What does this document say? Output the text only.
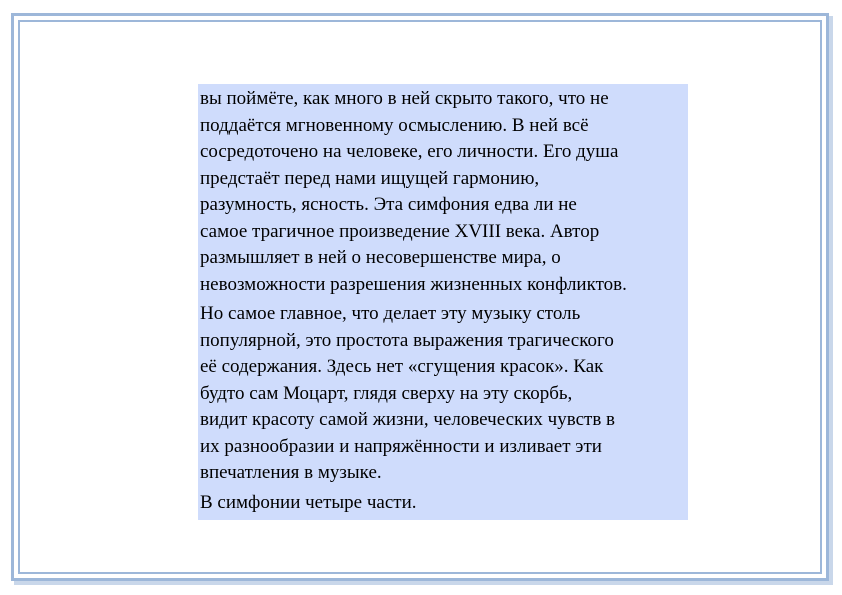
вы поймёте, как много в ней скрыто такого, что не
поддаётся мгновенному осмыслению. В ней всё
сосредоточено на человеке, его личности. Его душа
предстаёт перед нами ищущей гармонию,
разумность, ясность. Эта симфония едва ли не
самое трагичное произведение XVIII века. Автор
размышляет в ней о несовершенстве мира, о
невозможности разрешения жизненных конфликтов.

Но самое главное, что делает эту музыку столь
популярной, это простота выражения трагического
её содержания. Здесь нет «сгущения красок». Как
будто сам Моцарт, глядя сверху на эту скорбь,
видит красоту самой жизни, человеческих чувств в
их разнообразии и напряжённости и изливает эти
впечатления в музыке.

В симфонии четыре части.
